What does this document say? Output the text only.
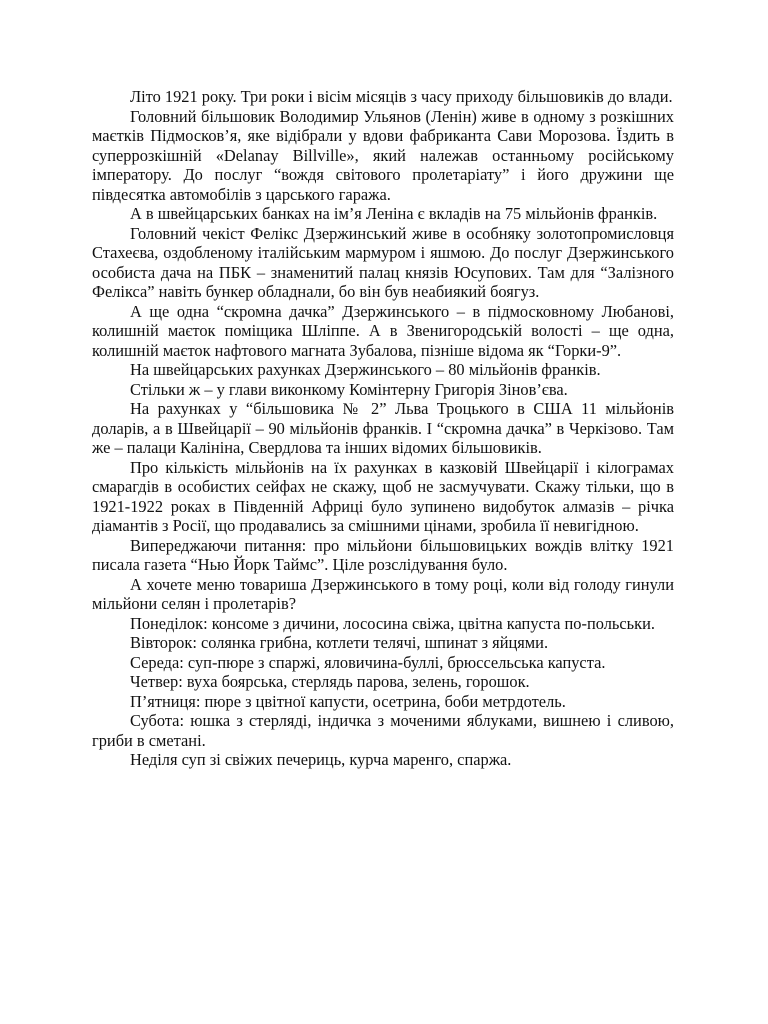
Літо 1921 року. Три роки і вісім місяців з часу приходу більшовиків до влади.

Головний більшовик Володимир Ульянов (Ленін) живе в одному з розкішних маєтків Підмосков’я, яке відібрали у вдови фабриканта Сави Морозова. Їздить в суперрозкішній «Delanay Billville», який належав останньому російському імператору. До послуг “вождя світового пролетаріату” і його дружини ще півдесятка автомобілів з царського гаража.

А в швейцарських банках на ім’я Леніна є вкладів на 75 мільйонів франків.

Головний чекіст Фелікс Дзержинський живе в особняку золотопромисловця Стахеєва, оздобленому італійським мармуром і яшмою. До послуг Дзержинського особиста дача на ПБК – знаменитий палац князів Юсупових. Там для “Залізного Фелікса” навіть бункер обладнали, бо він був неабиякий боягуз.

А ще одна “скромна дачка” Дзержинського – в підмосковному Любанові, колишній маєток поміщика Шліппе. А в Звенигородській волості – ще одна, колишній маєток нафтового магната Зубалова, пізніше відома як “Горки-9”.

На швейцарських рахунках Дзержинського – 80 мільйонів франків.

Стільки ж – у глави виконкому Комінтерну Григорія Зінов’єва.

На рахунках у “більшовика № 2” Льва Троцького в США 11 мільйонів доларів, а в Швейцарії – 90 мільйонів франків. І “скромна дачка” в Черкізово. Там же – палаци Калініна, Свердлова та інших відомих більшовиків.

Про кількість мільйонів на їх рахунках в казковій Швейцарії і кілограмах смарагдів в особистих сейфах не скажу, щоб не засмучувати. Скажу тільки, що в 1921-1922 роках в Південній Африці було зупинено видобуток алмазів – річка діамантів з Росії, що продавались за смішними цінами, зробила її невигідною.

Випереджаючи питання: про мільйони більшовицьких вождів влітку 1921 писала газета “Нью Йорк Таймс”. Ціле розслідування було.

А хочете меню товариша Дзержинського в тому році, коли від голоду гинули мільйони селян і пролетарів?

Понеділок: консоме з дичини, лососина свіжа, цвітна капуста по-польськи.

Вівторок: солянка грибна, котлети телячі, шпинат з яйцями.

Середа: суп-пюре з спаржі, яловичина-буллі, брюссельська капуста.

Четвер: вуха боярська, стерлядь парова, зелень, горошок.

П’ятниця: пюре з цвітної капусти, осетрина, боби метрдотель.

Субота: юшка з стерляді, індичка з моченими яблуками, вишнею і сливою, гриби в сметані.

Неділя суп зі свіжих печериць, курча маренго, спаржа.
